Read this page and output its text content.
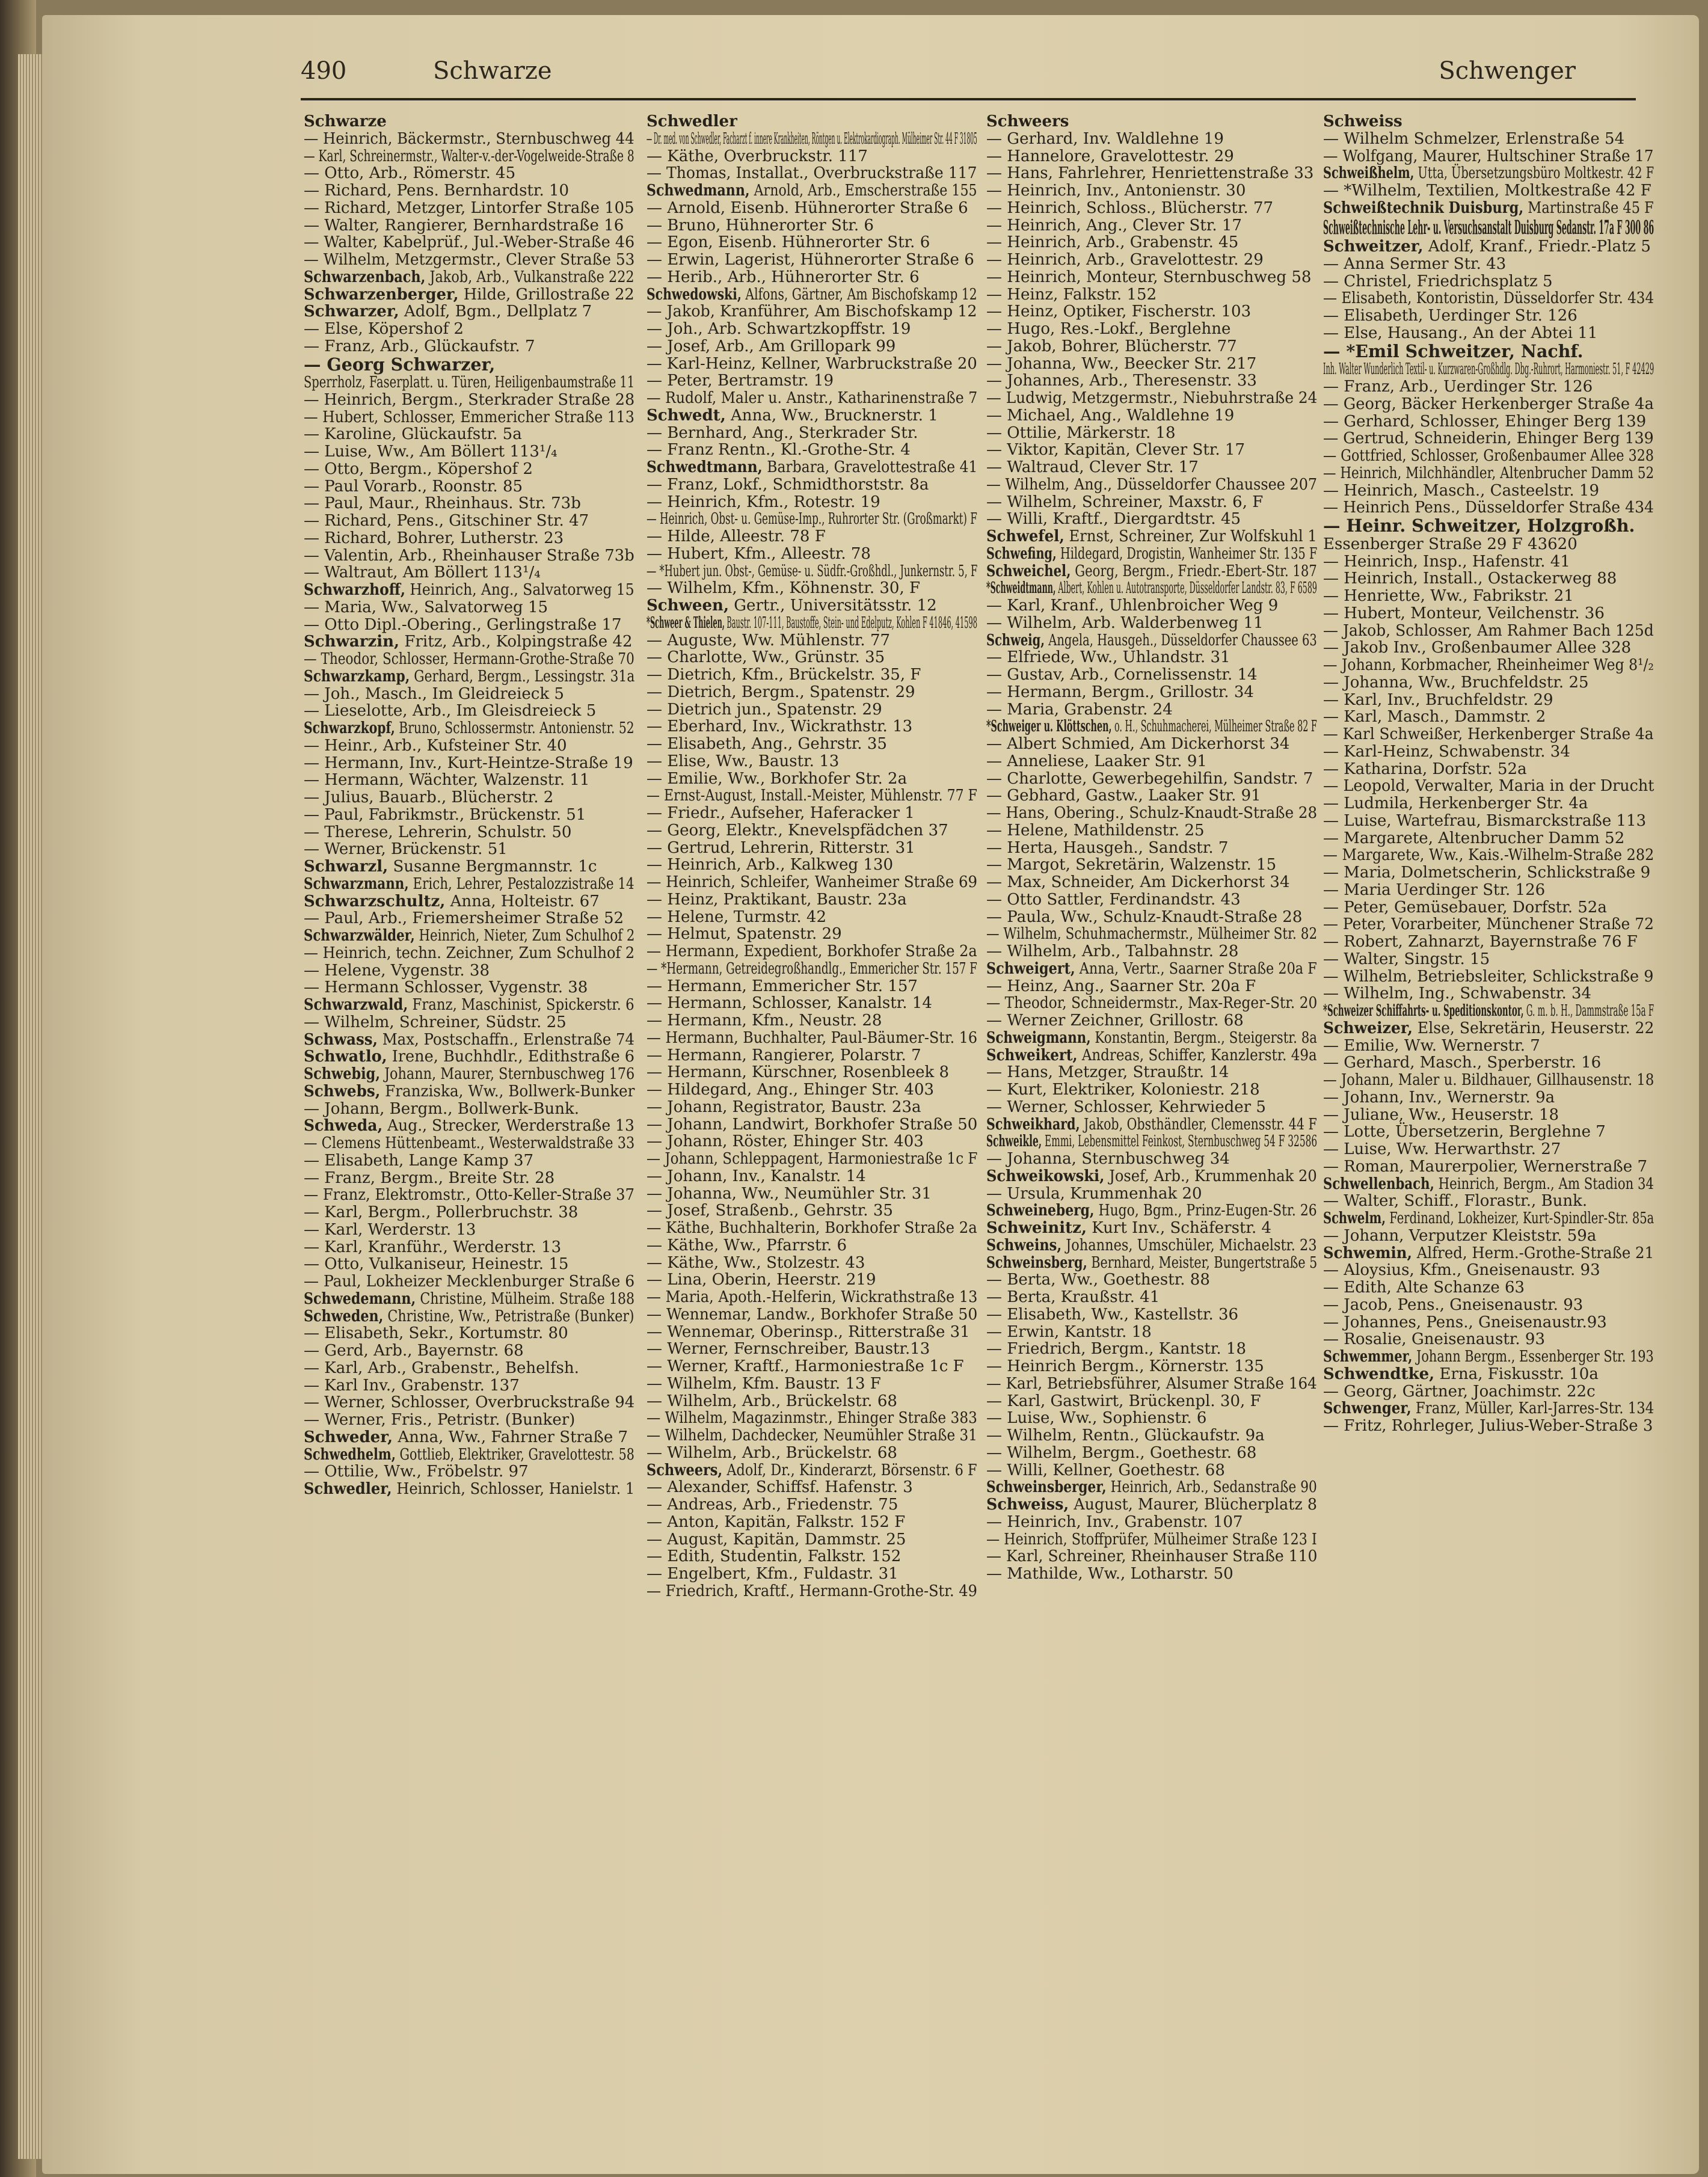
490	Schwarze	Schwenger
Schwarze
— Heinrich, Bäckermstr., Sternbuschweg 44
— Karl, Schreinermstr., Walter-v.-der-Vogelweide-Straße 8
— Otto, Arb., Römerstr. 45
— Richard, Pens. Bernhardstr. 10
— Richard, Metzger, Lintorfer Straße 105
— Walter, Rangierer, Bernhardstraße 16
— Walter, Kabelprüf., Jul.-Weber-Straße 46
— Wilhelm, Metzgermstr., Clever Straße 53
Schwarzenbach, Jakob, Arb., Vulkanstraße 222
Schwarzenberger, Hilde, Grillostraße 22
Schwarzer, Adolf, Bgm., Dellplatz 7
— Else, Köpershof 2
— Franz, Arb., Glückaufstr. 7
— Georg Schwarzer,
Sperrholz, Faserplatt. u. Türen, Heiligenbaumstraße 11
— Heinrich, Bergm., Sterkrader Straße 28
— Hubert, Schlosser, Emmericher Straße 113
— Karoline, Glückaufstr. 5a
— Luise, Ww., Am Böllert 113¹/₄
— Otto, Bergm., Köpershof 2
— Paul Vorarb., Roonstr. 85
— Paul, Maur., Rheinhaus. Str. 73b
— Richard, Pens., Gitschiner Str. 47
— Richard, Bohrer, Lutherstr. 23
— Valentin, Arb., Rheinhauser Straße 73b
— Waltraut, Am Böllert 113¹/₄
Schwarzhoff, Heinrich, Ang., Salvatorweg 15
— Maria, Ww., Salvatorweg 15
— Otto Dipl.-Obering., Gerlingstraße 17
Schwarzin, Fritz, Arb., Kolpingstraße 42
— Theodor, Schlosser, Hermann-Grothe-Straße 70
Schwarzkamp, Gerhard, Bergm., Lessingstr. 31a
— Joh., Masch., Im Gleidreieck 5
— Lieselotte, Arb., Im Gleisdreieck 5
Schwarzkopf, Bruno, Schlossermstr. Antonienstr. 52
— Heinr., Arb., Kufsteiner Str. 40
— Hermann, Inv., Kurt-Heintze-Straße 19
— Hermann, Wächter, Walzenstr. 11
— Julius, Bauarb., Blücherstr. 2
— Paul, Fabrikmstr., Brückenstr. 51
— Therese, Lehrerin, Schulstr. 50
— Werner, Brückenstr. 51
Schwarzl, Susanne Bergmannstr. 1c
Schwarzmann, Erich, Lehrer, Pestalozzistraße 14
Schwarzschultz, Anna, Holteistr. 67
— Paul, Arb., Friemersheimer Straße 52
Schwarzwälder, Heinrich, Nieter, Zum Schulhof 2
— Heinrich, techn. Zeichner, Zum Schulhof 2
— Helene, Vygenstr. 38
— Hermann Schlosser, Vygenstr. 38
Schwarzwald, Franz, Maschinist, Spickerstr. 6
— Wilhelm, Schreiner, Südstr. 25
Schwass, Max, Postschaffn., Erlenstraße 74
Schwatlo, Irene, Buchhdlr., Edithstraße 6
Schwebig, Johann, Maurer, Sternbuschweg 176
Schwebs, Franziska, Ww., Bollwerk-Bunker
— Johann, Bergm., Bollwerk-Bunk.
Schweda, Aug., Strecker, Werderstraße 13
— Clemens Hüttenbeamt., Westerwaldstraße 33
— Elisabeth, Lange Kamp 37
— Franz, Bergm., Breite Str. 28
— Franz, Elektromstr., Otto-Keller-Straße 37
— Karl, Bergm., Pollerbruchstr. 38
— Karl, Werderstr. 13
— Karl, Kranführ., Werderstr. 13
— Otto, Vulkaniseur, Heinestr. 15
— Paul, Lokheizer Mecklenburger Straße 6
Schwedemann, Christine, Mülheim. Straße 188
Schweden, Christine, Ww., Petristraße (Bunker)
— Elisabeth, Sekr., Kortumstr. 80
— Gerd, Arb., Bayernstr. 68
— Karl, Arb., Grabenstr., Behelfsh.
— Karl Inv., Grabenstr. 137
— Werner, Schlosser, Overbruckstraße 94
— Werner, Fris., Petristr. (Bunker)
Schweder, Anna, Ww., Fahrner Straße 7
Schwedhelm, Gottlieb, Elektriker, Gravelottestr. 58
— Ottilie, Ww., Fröbelstr. 97
Schwedler, Heinrich, Schlosser, Hanielstr. 1
Schwedler
— Dr. med. von Schwedler, Facharzt f. innere Krankheiten, Röntgen u. Elektrokardiograph. Mülheimer Str. 44 F 31805
— Käthe, Overbruckstr. 117
— Thomas, Installat., Overbruckstraße 117
Schwedmann, Arnold, Arb., Emscherstraße 155
— Arnold, Eisenb. Hühnerorter Straße 6
— Bruno, Hühnerorter Str. 6
— Egon, Eisenb. Hühnerorter Str. 6
— Erwin, Lagerist, Hühnerorter Straße 6
— Herib., Arb., Hühnerorter Str. 6
Schwedowski, Alfons, Gärtner, Am Bischofskamp 12
— Jakob, Kranführer, Am Bischofskamp 12
— Joh., Arb. Schwartzkopffstr. 19
— Josef, Arb., Am Grillopark 99
— Karl-Heinz, Kellner, Warbruckstraße 20
— Peter, Bertramstr. 19
— Rudolf, Maler u. Anstr., Katharinenstraße 7
Schwedt, Anna, Ww., Brucknerstr. 1
— Bernhard, Ang., Sterkrader Str.
— Franz Rentn., Kl.-Grothe-Str. 4
Schwedtmann, Barbara, Gravelottestraße 41
— Franz, Lokf., Schmidthorststr. 8a
— Heinrich, Kfm., Rotestr. 19
— Heinrich, Obst- u. Gemüse-Imp., Ruhrorter Str. (Großmarkt) F
— Hilde, Alleestr. 78 F
— Hubert, Kfm., Alleestr. 78
— *Hubert jun. Obst-, Gemüse- u. Südfr.-Großhdl., Junkernstr. 5, F
— Wilhelm, Kfm., Köhnenstr. 30, F
Schween, Gertr., Universitätsstr. 12
*Schweer & Thielen, Baustr. 107-111, Baustoffe, Stein- und Edelputz, Kohlen F 41846, 41598
— Auguste, Ww. Mühlenstr. 77
— Charlotte, Ww., Grünstr. 35
— Dietrich, Kfm., Brückelstr. 35, F
— Dietrich, Bergm., Spatenstr. 29
— Dietrich jun., Spatenstr. 29
— Eberhard, Inv., Wickrathstr. 13
— Elisabeth, Ang., Gehrstr. 35
— Elise, Ww., Baustr. 13
— Emilie, Ww., Borkhofer Str. 2a
— Ernst-August, Install.-Meister, Mühlenstr. 77 F
— Friedr., Aufseher, Haferacker 1
— Georg, Elektr., Knevelspfädchen 37
— Gertrud, Lehrerin, Ritterstr. 31
— Heinrich, Arb., Kalkweg 130
— Heinrich, Schleifer, Wanheimer Straße 69
— Heinz, Praktikant, Baustr. 23a
— Helene, Turmstr. 42
— Helmut, Spatenstr. 29
— Hermann, Expedient, Borkhofer Straße 2a
— *Hermann, Getreidegroßhandlg., Emmericher Str. 157 F
— Hermann, Emmericher Str. 157
— Hermann, Schlosser, Kanalstr. 14
— Hermann, Kfm., Neustr. 28
— Hermann, Buchhalter, Paul-Bäumer-Str. 16
— Hermann, Rangierer, Polarstr. 7
— Hermann, Kürschner, Rosenbleek 8
— Hildegard, Ang., Ehinger Str. 403
— Johann, Registrator, Baustr. 23a
— Johann, Landwirt, Borkhofer Straße 50
— Johann, Röster, Ehinger Str. 403
— Johann, Schleppagent, Harmoniestraße 1c F
— Johann, Inv., Kanalstr. 14
— Johanna, Ww., Neumühler Str. 31
— Josef, Straßenb., Gehrstr. 35
— Käthe, Buchhalterin, Borkhofer Straße 2a
— Käthe, Ww., Pfarrstr. 6
— Käthe, Ww., Stolzestr. 43
— Lina, Oberin, Heerstr. 219
— Maria, Apoth.-Helferin, Wickrathstraße 13
— Wennemar, Landw., Borkhofer Straße 50
— Wennemar, Oberinsp., Ritterstraße 31
— Werner, Fernschreiber, Baustr.13
— Werner, Kraftf., Harmoniestraße 1c F
— Wilhelm, Kfm. Baustr. 13 F
— Wilhelm, Arb., Brückelstr. 68
— Wilhelm, Magazinmstr., Ehinger Straße 383
— Wilhelm, Dachdecker, Neumühler Straße 31
— Wilhelm, Arb., Brückelstr. 68
Schweers, Adolf, Dr., Kinderarzt, Börsenstr. 6 F
— Alexander, Schiffsf. Hafenstr. 3
— Andreas, Arb., Friedenstr. 75
— Anton, Kapitän, Falkstr. 152 F
— August, Kapitän, Dammstr. 25
— Edith, Studentin, Falkstr. 152
— Engelbert, Kfm., Fuldastr. 31
— Friedrich, Kraftf., Hermann-Grothe-Str. 49
Schweers
— Gerhard, Inv. Waldlehne 19
— Hannelore, Gravelottestr. 29
— Hans, Fahrlehrer, Henriettenstraße 33
— Heinrich, Inv., Antonienstr. 30
— Heinrich, Schloss., Blücherstr. 77
— Heinrich, Ang., Clever Str. 17
— Heinrich, Arb., Grabenstr. 45
— Heinrich, Arb., Gravelottestr. 29
— Heinrich, Monteur, Sternbuschweg 58
— Heinz, Falkstr. 152
— Heinz, Optiker, Fischerstr. 103
— Hugo, Res.-Lokf., Berglehne
— Jakob, Bohrer, Blücherstr. 77
— Johanna, Ww., Beecker Str. 217
— Johannes, Arb., Theresenstr. 33
— Ludwig, Metzgermstr., Niebuhrstraße 24
— Michael, Ang., Waldlehne 19
— Ottilie, Märkerstr. 18
— Viktor, Kapitän, Clever Str. 17
— Waltraud, Clever Str. 17
— Wilhelm, Ang., Düsseldorfer Chaussee 207
— Wilhelm, Schreiner, Maxstr. 6, F
— Willi, Kraftf., Diergardtstr. 45
Schwefel, Ernst, Schreiner, Zur Wolfskuhl 1
Schwefing, Hildegard, Drogistin, Wanheimer Str. 135 F
Schweichel, Georg, Bergm., Friedr.-Ebert-Str. 187
*Schweidtmann, Albert, Kohlen u. Autotransporte, Düsseldorfer Landstr. 83, F 6589
— Karl, Kranf., Uhlenbroicher Weg 9
— Wilhelm, Arb. Walderbenweg 11
Schweig, Angela, Hausgeh., Düsseldorfer Chaussee 63
— Elfriede, Ww., Uhlandstr. 31
— Gustav, Arb., Cornelissenstr. 14
— Hermann, Bergm., Grillostr. 34
— Maria, Grabenstr. 24
*Schweiger u. Klöttschen, o. H., Schuhmacherei, Mülheimer Straße 82 F
— Albert Schmied, Am Dickerhorst 34
— Anneliese, Laaker Str. 91
— Charlotte, Gewerbegehilfin, Sandstr. 7
— Gebhard, Gastw., Laaker Str. 91
— Hans, Obering., Schulz-Knaudt-Straße 28
— Helene, Mathildenstr. 25
— Herta, Hausgeh., Sandstr. 7
— Margot, Sekretärin, Walzenstr. 15
— Max, Schneider, Am Dickerhorst 34
— Otto Sattler, Ferdinandstr. 43
— Paula, Ww., Schulz-Knaudt-Straße 28
— Wilhelm, Schuhmachermstr., Mülheimer Str. 82
— Wilhelm, Arb., Talbahnstr. 28
Schweigert, Anna, Vertr., Saarner Straße 20a F
— Heinz, Ang., Saarner Str. 20a F
— Theodor, Schneidermstr., Max-Reger-Str. 20
— Werner Zeichner, Grillostr. 68
Schweigmann, Konstantin, Bergm., Steigerstr. 8a
Schweikert, Andreas, Schiffer, Kanzlerstr. 49a
— Hans, Metzger, Straußtr. 14
— Kurt, Elektriker, Koloniestr. 218
— Werner, Schlosser, Kehrwieder 5
Schweikhard, Jakob, Obsthändler, Clemensstr. 44 F
Schweikle, Emmi, Lebensmittel Feinkost, Sternbuschweg 54 F 32586
— Johanna, Sternbuschweg 34
Schweikowski, Josef, Arb., Krummenhak 20
— Ursula, Krummenhak 20
Schweineberg, Hugo, Bgm., Prinz-Eugen-Str. 26
Schweinitz, Kurt Inv., Schäferstr. 4
Schweins, Johannes, Umschüler, Michaelstr. 23
Schweinsberg, Bernhard, Meister, Bungertstraße 5
— Berta, Ww., Goethestr. 88
— Berta, Kraußstr. 41
— Elisabeth, Ww., Kastellstr. 36
— Erwin, Kantstr. 18
— Friedrich, Bergm., Kantstr. 18
— Heinrich Bergm., Körnerstr. 135
— Karl, Betriebsführer, Alsumer Straße 164
— Karl, Gastwirt, Brückenpl. 30, F
— Luise, Ww., Sophienstr. 6
— Wilhelm, Rentn., Glückaufstr. 9a
— Wilhelm, Bergm., Goethestr. 68
— Willi, Kellner, Goethestr. 68
Schweinsberger, Heinrich, Arb., Sedanstraße 90
Schweiss, August, Maurer, Blücherplatz 8
— Heinrich, Inv., Grabenstr. 107
— Heinrich, Stoffprüfer, Mülheimer Straße 123 I
— Karl, Schreiner, Rheinhauser Straße 110
— Mathilde, Ww., Lotharstr. 50
Schweiss
— Wilhelm Schmelzer, Erlenstraße 54
— Wolfgang, Maurer, Hultschiner Straße 17
Schweißhelm, Utta, Übersetzungsbüro Moltkestr. 42 F
— *Wilhelm, Textilien, Moltkestraße 42 F
Schweißtechnik Duisburg, Martinstraße 45 F
Schweißtechnische Lehr- u. Versuchsanstalt Duisburg Sedanstr. 17a F 300 86
Schweitzer, Adolf, Kranf., Friedr.-Platz 5
— Anna Sermer Str. 43
— Christel, Friedrichsplatz 5
— Elisabeth, Kontoristin, Düsseldorfer Str. 434
— Elisabeth, Uerdinger Str. 126
— Else, Hausang., An der Abtei 11
— *Emil Schweitzer, Nachf.
Inh. Walter Wunderlich Textil- u. Kurzwaren-Großhdlg. Dbg.-Ruhrort, Harmoniestr. 51, F 42429
— Franz, Arb., Uerdinger Str. 126
— Georg, Bäcker Herkenberger Straße 4a
— Gerhard, Schlosser, Ehinger Berg 139
— Gertrud, Schneiderin, Ehinger Berg 139
— Gottfried, Schlosser, Großenbaumer Allee 328
— Heinrich, Milchhändler, Altenbrucher Damm 52
— Heinrich, Masch., Casteelstr. 19
— Heinrich Pens., Düsseldorfer Straße 434
— Heinr. Schweitzer, Holzgroßh.
Essenberger Straße 29 F 43620
— Heinrich, Insp., Hafenstr. 41
— Heinrich, Install., Ostackerweg 88
— Henriette, Ww., Fabrikstr. 21
— Hubert, Monteur, Veilchenstr. 36
— Jakob, Schlosser, Am Rahmer Bach 125d
— Jakob Inv., Großenbaumer Allee 328
— Johann, Korbmacher, Rheinheimer Weg 8¹/₂
— Johanna, Ww., Bruchfeldstr. 25
— Karl, Inv., Bruchfeldstr. 29
— Karl, Masch., Dammstr. 2
— Karl Schweißer, Herkenberger Straße 4a
— Karl-Heinz, Schwabenstr. 34
— Katharina, Dorfstr. 52a
— Leopold, Verwalter, Maria in der Drucht
— Ludmila, Herkenberger Str. 4a
— Luise, Wartefrau, Bismarckstraße 113
— Margarete, Altenbrucher Damm 52
— Margarete, Ww., Kais.-Wilhelm-Straße 282
— Maria, Dolmetscherin, Schlickstraße 9
— Maria Uerdinger Str. 126
— Peter, Gemüsebauer, Dorfstr. 52a
— Peter, Vorarbeiter, Münchener Straße 72
— Robert, Zahnarzt, Bayernstraße 76 F
— Walter, Singstr. 15
— Wilhelm, Betriebsleiter, Schlickstraße 9
— Wilhelm, Ing., Schwabenstr. 34
*Schweizer Schiffahrts- u. Speditionskontor, G. m. b. H., Dammstraße 15a F
Schweizer, Else, Sekretärin, Heuserstr. 22
— Emilie, Ww. Wernerstr. 7
— Gerhard, Masch., Sperberstr. 16
— Johann, Maler u. Bildhauer, Gillhausenstr. 18
— Johann, Inv., Wernerstr. 9a
— Juliane, Ww., Heuserstr. 18
— Lotte, Übersetzerin, Berglehne 7
— Luise, Ww. Herwarthstr. 27
— Roman, Maurerpolier, Wernerstraße 7
Schwellenbach, Heinrich, Bergm., Am Stadion 34
— Walter, Schiff., Florastr., Bunk.
Schwelm, Ferdinand, Lokheizer, Kurt-Spindler-Str. 85a
— Johann, Verputzer Kleiststr. 59a
Schwemin, Alfred, Herm.-Grothe-Straße 21
— Aloysius, Kfm., Gneisenaustr. 93
— Edith, Alte Schanze 63
— Jacob, Pens., Gneisenaustr. 93
— Johannes, Pens., Gneisenaustr.93
— Rosalie, Gneisenaustr. 93
Schwemmer, Johann Bergm., Essenberger Str. 193
Schwendtke, Erna, Fiskusstr. 10a
— Georg, Gärtner, Joachimstr. 22c
Schwenger, Franz, Müller, Karl-Jarres-Str. 134
— Fritz, Rohrleger, Julius-Weber-Straße 3
